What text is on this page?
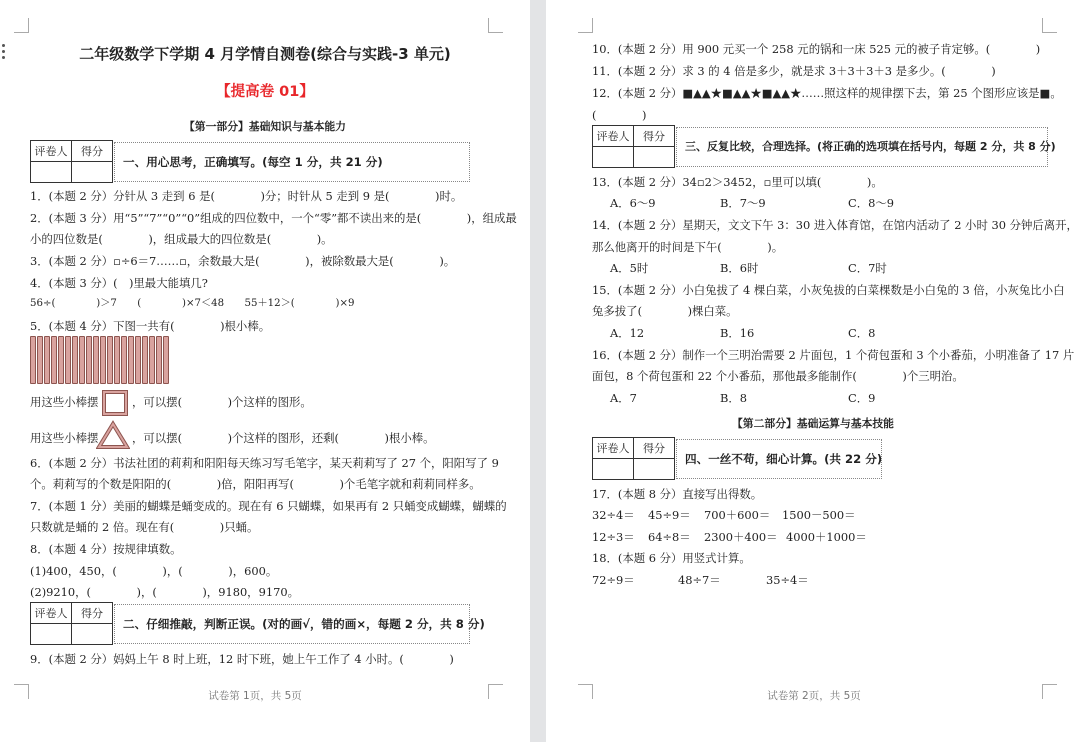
二年级数学下学期 4 月学情自测卷(综合与实践-3 单元)
【提高卷 01】
【第一部分】基础知识与基本能力
评卷人	得分

一、用心思考，正确填写。(每空 1 分，共 21 分)
1．(本题 2 分）分针从 3 走到 6 是(　　　　)分；时针从 5 走到 9 是(　　　　)时。
2．(本题 3 分）用“5”“7”“0”“0”组成的四位数中，一个“零”都不读出来的是(　　　　)，组成最
小的四位数是(　　　　)，组成最大的四位数是(　　　　)。
3．(本题 2 分）▫÷6＝7……▫，余数最大是(　　　　)，被除数最大是(　　　　)。
4．(本题 3 分）(　)里最大能填几?
56÷(　　　　)＞7　　(　　　　)×7＜48　　55＋12＞(　　　　)×9
5．(本题 4 分）下图一共有(　　　　)根小棒。
用这些小棒摆	，可以摆(　　　　)个这样的图形。
用这些小棒摆	，可以摆(　　　　)个这样的图形，还剩(　　　　)根小棒。
6．(本题 2 分）书法社团的莉莉和阳阳每天练习写毛笔字，某天莉莉写了 27 个，阳阳写了 9
个。莉莉写的个数是阳阳的(　　　　)倍，阳阳再写(　　　　)个毛笔字就和莉莉同样多。
7．(本题 1 分）美丽的蝴蝶是蛹变成的。现在有 6 只蝴蝶，如果再有 2 只蛹变成蝴蝶，蝴蝶的
只数就是蛹的 2 倍。现在有(　　　　)只蛹。
8．(本题 4 分）按规律填数。
(1)400，450，(　　　　)，(　　　　)，600。
(2)9210，(　　　　)，(　　　　)，9180，9170。
评卷人	得分

二、仔细推敲，判断正误。(对的画√，错的画×，每题 2 分，共 8 分)
9．(本题 2 分）妈妈上午 8 时上班，12 时下班，她上午工作了 4 小时。(　　　　)
试卷第 1页，共 5页
10．(本题 2 分）用 900 元买一个 258 元的锅和一床 525 元的被子肯定够。(　　　　)
11．(本题 2 分）求 3 的 4 倍是多少，就是求 3＋3＋3＋3 是多少。(　　　　)
12．(本题 2 分）■▲▲★■▲▲★■▲▲★……照这样的规律摆下去，第 25 个图形应该是■。
(　　　　)
评卷人	得分

三、反复比较，合理选择。(将正确的选项填在括号内，每题 2 分，共 8 分)
13．(本题 2 分）34▫2＞3452，▫里可以填(　　　　)。
A．6～9	B．7～9	C．8～9
14．(本题 2 分）星期天，文文下午 3：30 进入体育馆，在馆内活动了 2 小时 30 分钟后离开，
那么他离开的时间是下午(　　　　)。
A．5时	B．6时	C．7时
15．(本题 2 分）小白兔拔了 4 棵白菜，小灰兔拔的白菜棵数是小白兔的 3 倍，小灰兔比小白
兔多拔了(　　　　)棵白菜。
A．12	B．16	C．8
16．(本题 2 分）制作一个三明治需要 2 片面包，1 个荷包蛋和 3 个小番茄，小明准备了 17 片
面包，8 个荷包蛋和 22 个小番茄，那他最多能制作(　　　　)个三明治。
A．7	B．8	C．9
【第二部分】基础运算与基本技能
评卷人	得分

四、一丝不苟，细心计算。(共 22 分)
17．(本题 8 分）直接写出得数。
32÷4＝ 45÷9＝ 700＋600＝ 1500－500＝
12÷3＝ 64÷8＝ 2300＋400＝ 4000＋1000＝
18．(本题 6 分）用竖式计算。
72÷9＝	48÷7＝	35÷4＝
试卷第 2页，共 5页
